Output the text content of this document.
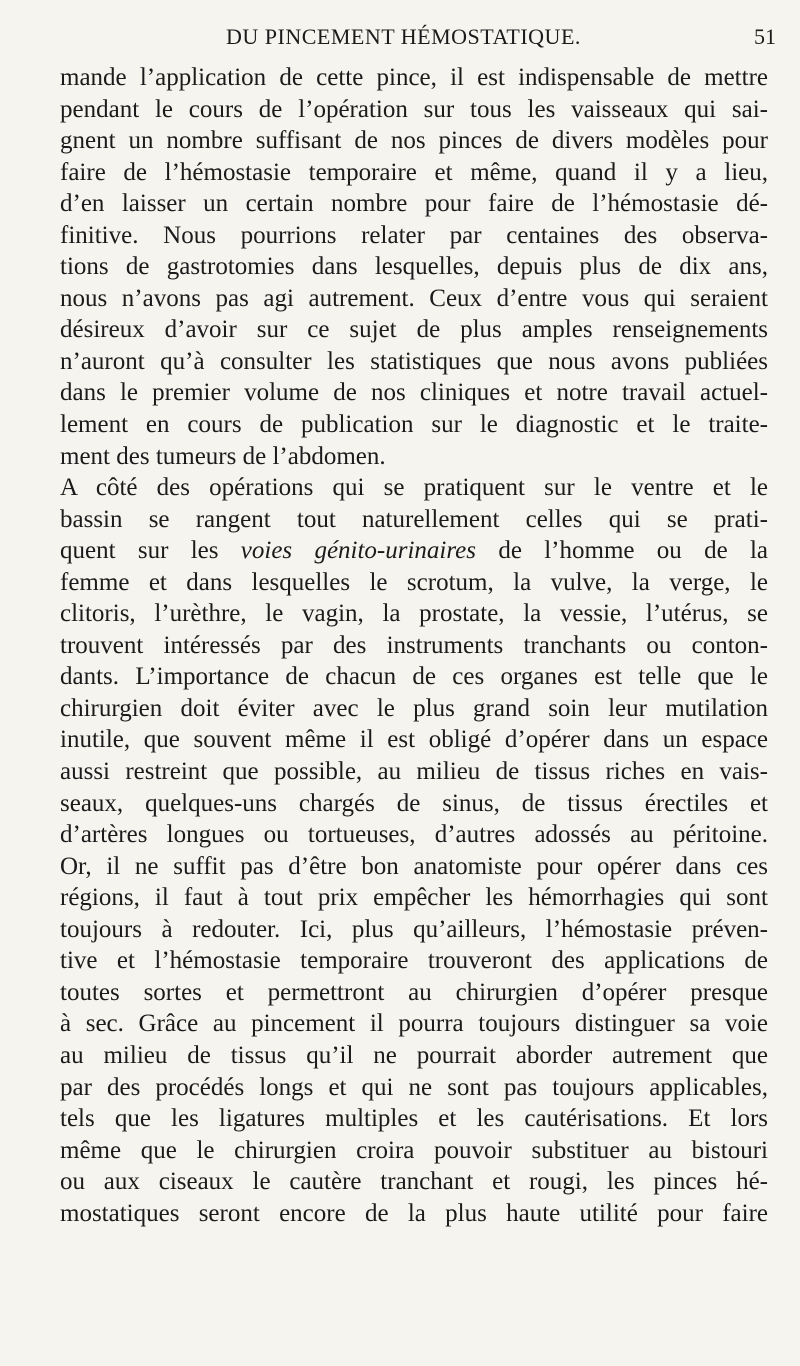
DU PINCEMENT HÉMOSTATIQUE.	51
mande l’application de cette pince, il est indispensable de mettre
pendant le cours de l’opération sur tous les vaisseaux qui sai-
gnent un nombre suffisant de nos pinces de divers modèles pour
faire de l’hémostasie temporaire et même, quand il y a lieu,
d’en laisser un certain nombre pour faire de l’hémostasie dé-
finitive. Nous pourrions relater par centaines des observa-
tions de gastrotomies dans lesquelles, depuis plus de dix ans,
nous n’avons pas agi autrement. Ceux d’entre vous qui seraient
désireux d’avoir sur ce sujet de plus amples renseignements
n’auront qu’à consulter les statistiques que nous avons publiées
dans le premier volume de nos cliniques et notre travail actuel-
lement en cours de publication sur le diagnostic et le traite-
ment des tumeurs de l’abdomen.
A côté des opérations qui se pratiquent sur le ventre et le
bassin se rangent tout naturellement celles qui se prati-
quent sur les voies génito-urinaires de l’homme ou de la
femme et dans lesquelles le scrotum, la vulve, la verge, le
clitoris, l’urèthre, le vagin, la prostate, la vessie, l’utérus, se
trouvent intéressés par des instruments tranchants ou conton-
dants. L’importance de chacun de ces organes est telle que le
chirurgien doit éviter avec le plus grand soin leur mutilation
inutile, que souvent même il est obligé d’opérer dans un espace
aussi restreint que possible, au milieu de tissus riches en vais-
seaux, quelques-uns chargés de sinus, de tissus érectiles et
d’artères longues ou tortueuses, d’autres adossés au péritoine.
Or, il ne suffit pas d’être bon anatomiste pour opérer dans ces
régions, il faut à tout prix empêcher les hémorrhagies qui sont
toujours à redouter. Ici, plus qu’ailleurs, l’hémostasie préven-
tive et l’hémostasie temporaire trouveront des applications de
toutes sortes et permettront au chirurgien d’opérer presque
à sec. Grâce au pincement il pourra toujours distinguer sa voie
au milieu de tissus qu’il ne pourrait aborder autrement que
par des procédés longs et qui ne sont pas toujours applicables,
tels que les ligatures multiples et les cautérisations. Et lors
même que le chirurgien croira pouvoir substituer au bistouri
ou aux ciseaux le cautère tranchant et rougi, les pinces hé-
mostatiques seront encore de la plus haute utilité pour faire
